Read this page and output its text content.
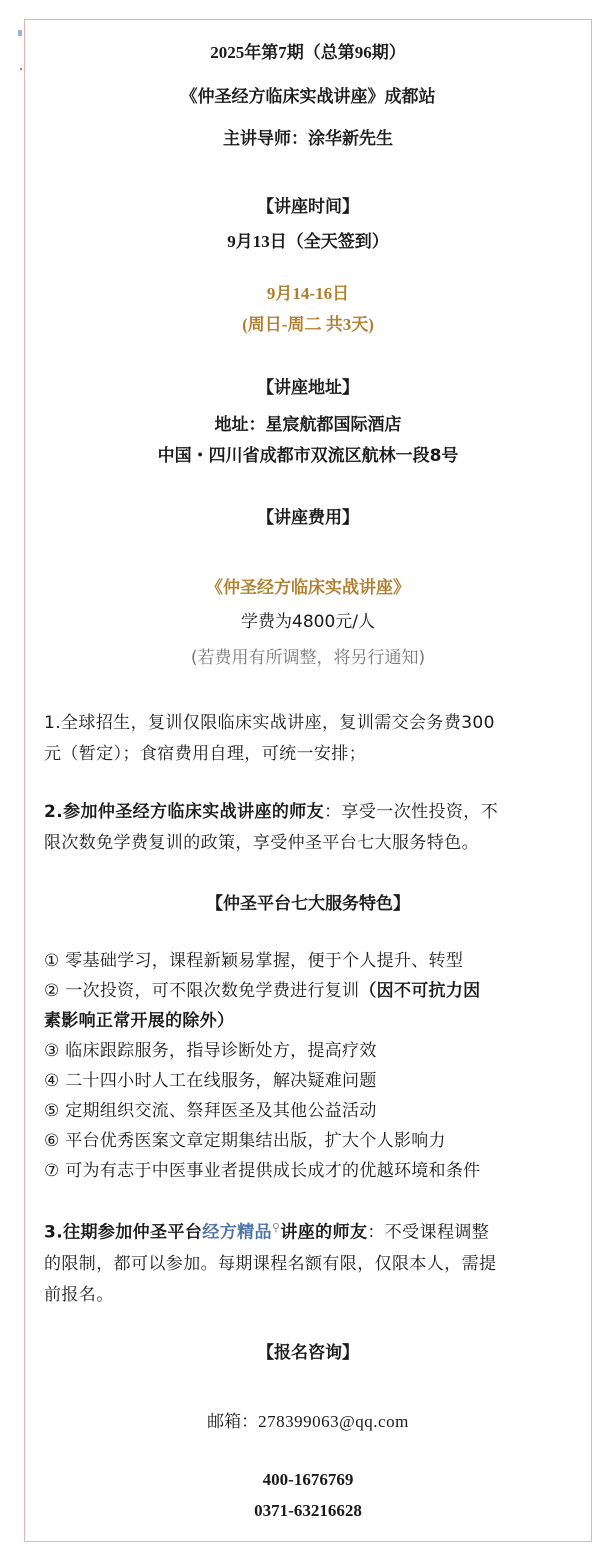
2025年第7期（总第96期）

《仲圣经方临床实战讲座》成都站

主讲导师：涂华新先生

【讲座时间】

9月13日（全天签到）

9月14-16日

(周日-周二 共3天)

【讲座地址】

地址：星宸航都国际酒店

中国・四川省成都市双流区航林一段8号

【讲座费用】

《仲圣经方临床实战讲座》

学费为4800元/人

(若费用有所调整，将另行通知)

1.全球招生，复训仅限临床实战讲座，复训需交会务费300
元（暂定）；食宿费用自理，可统一安排；

2.参加仲圣经方临床实战讲座的师友：享受一次性投资，不
限次数免学费复训的政策，享受仲圣平台七大服务特色。

【仲圣平台七大服务特色】

① 零基础学习，课程新颖易掌握，便于个人提升、转型
② 一次投资，可不限次数免学费进行复训（因不可抗力因
素影响正常开展的除外）
③ 临床跟踪服务，指导诊断处方，提高疗效
④ 二十四小时人工在线服务，解决疑难问题
⑤ 定期组织交流、祭拜医圣及其他公益活动
⑥ 平台优秀医案文章定期集结出版，扩大个人影响力
⑦ 可为有志于中医事业者提供成长成才的优越环境和条件

3.往期参加仲圣平台经方精品⚲讲座的师友：不受课程调整
的限制，都可以参加。每期课程名额有限，仅限本人，需提
前报名。

【报名咨询】

邮箱：278399063@qq.com

400-1676769

0371-63216628
